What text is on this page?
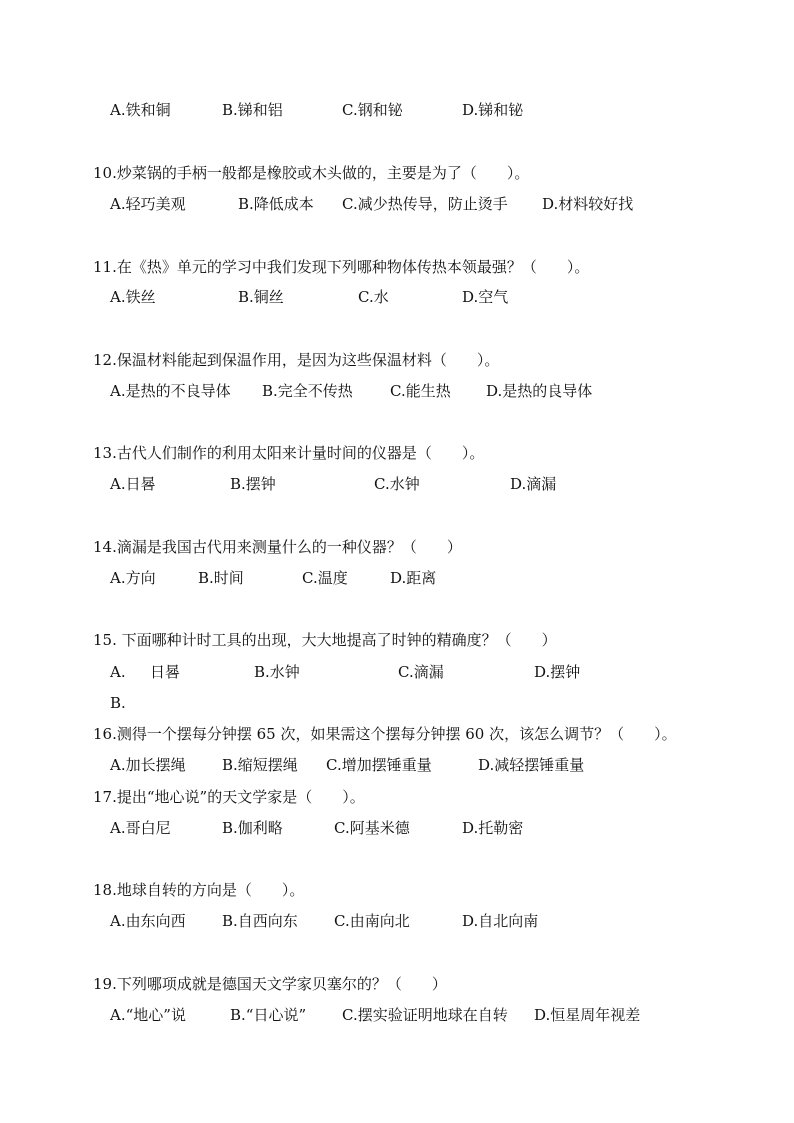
A.铁和铜	B.锑和铝	C.钢和铋	D.锑和铋
10.炒菜锅的手柄一般都是橡胶或木头做的，主要是为了（　　）。
A.轻巧美观	B.降低成本 C.减少热传导，防止烫手 D.材料较好找
11.在《热》单元的学习中我们发现下列哪种物体传热本领最强？（　　）。
A.铁丝	B.铜丝	C.水	D.空气
12.保温材料能起到保温作用，是因为这些保温材料（　　）。
A.是热的不良导体 B.完全不传热 C.能生热 D.是热的良导体
13.古代人们制作的利用太阳来计量时间的仪器是（　　）。
A.日晷	B.摆钟	C.水钟	D.滴漏
14.滴漏是我国古代用来测量什么的一种仪器？（　　）
A.方向	B.时间	C.温度	D.距离
15. 下面哪种计时工具的出现，大大地提高了时钟的精确度？（　　）
A. 日晷	B.水钟	C.滴漏	D.摆钟
B.
16.测得一个摆每分钟摆 65 次，如果需这个摆每分钟摆 60 次，该怎么调节？（　　）。
A.加长摆绳 B.缩短摆绳 C.增加摆锤重量	D.减轻摆锤重量
17.提出“地心说”的天文学家是（　　）。
A.哥白尼	B.伽利略	C.阿基米德	D.托勒密
18.地球自转的方向是（　　）。
A.由东向西 B.自西向东 C.由南向北	D.自北向南
19.下列哪项成就是德国天文学家贝塞尔的？（　　）
A.“地心”说	B.“日心说” C.摆实验证明地球在自转 D.恒星周年视差
